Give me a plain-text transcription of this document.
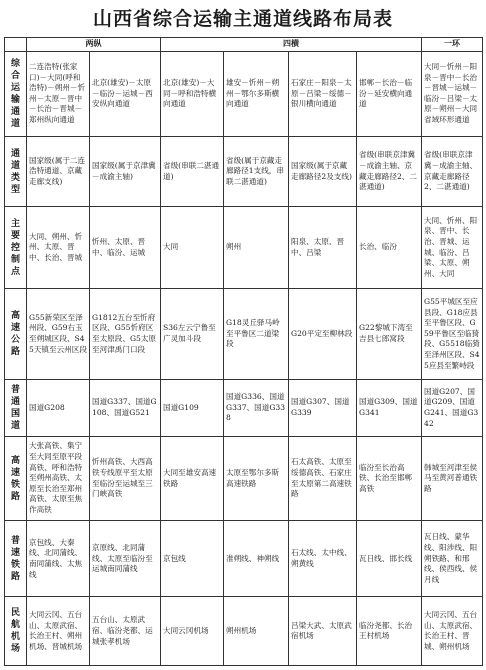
山西省综合运输主通道线路布局表
	两纵		四横				一环
综合运输通道	二连浩特(张家口)－大同(呼和浩特)－朔州－忻州－太原－晋中－长治－晋城－郑州纵向通道	北京(雄安)－太原－临汾－运城－西安纵向通道	北京(雄安)－大同－呼和浩特横向通道	雄安－忻州－朔州－鄂尔多斯横向通道	石家庄－阳泉－太原－吕梁－绥德－银川横向通道	邯郸－长治－临汾－延安横向通道	大同－忻州－阳泉－晋中－长治－晋城－运城－临汾－吕梁－太原－朔州－大同省域环形通道
通道类型	国家级(属于二连浩特通道、京藏走廊支线)	国家级(属于京津冀－成渝主轴)	省级(串联二湛通道)	省级(属于京藏走廊路径1支线，串联二湛通道)	国家级(属于京藏走廊路径2及支线)	省级(串联京津冀－成渝主轴、京藏走廊路径2、二湛通道)	省级(串联京津冀－成渝主轴、京藏走廊路径2、二湛通道)
主要控制点	大同、朔州、忻州、太原、晋中、长治、晋城	忻州、太原、晋中、临汾、运城	大同	朔州	阳泉、太原、晋中、吕梁	长治、临汾	大同、忻州、阳泉、晋中、长治、晋城、运城、临汾、吕梁、太原、朔州、大同
高速公路	G55新荣区至泽州段、G59右玉至朔城区段、S45天镇至云州区段	G1812五台至忻府区段、G55忻府区至太原段、G5太原至河津禹门口段	S36左云宁鲁至广灵加斗段	G18灵丘驿马岭至平鲁区二道梁段	G20平定至柳林段	G22黎城下湾至吉县七郎窝段	G55平城区至应县段、G18应县至平鲁区段、G59平鲁区至临猗段、G5518临猗至泽州区段、S45应县至繁峙段
普通国道	国道G208	国道G337、国道G108、国道G521	国道G109	国道G336、国道G337、国道G338	国道G307、国道G339	国道G309、国道G341	国道G207、国道G209、国道G241、国道G342
高速铁路	大张高铁、集宁至大同至原平段高铁、呼和浩特至朔州高铁、太原至长治至郑州高铁、太原至焦作高铁	忻州高铁、大西高铁专线原平至太原至临汾至运城至三门峡高铁	大同至雄安高速铁路	太原至鄂尔多斯高速铁路	石太高铁、太原至绥德高铁、石家庄至太原第二高速铁路	临汾至长治高铁、长治至邯郸高铁	韩城至河津至侯马至黄河普通铁路
普速铁路	京包线、大秦线、北同蒲线、南同蒲线、太焦线	京原线、北同蒲线、太原至临汾至运城南同蒲线	京包线	准朔线、神朔线	石太线、太中线、朔黄线	瓦日线、邯长线	瓦日线、蒙华线、阳涉线、阳朔铁路、和邢线、侯西线、侯月线
民航机场	大同云冈、五台山、太原武宿、长治王村、朔州机场、晋城机场	五台山、太原武宿、临汾尧都、运城张孝机场	大同云冈机场	朔州机场	吕梁大武、太原武宿机场	临汾尧都、长治王村机场	大同云冈、五台山、太原武宿、长治王村、晋城、朔州机场
